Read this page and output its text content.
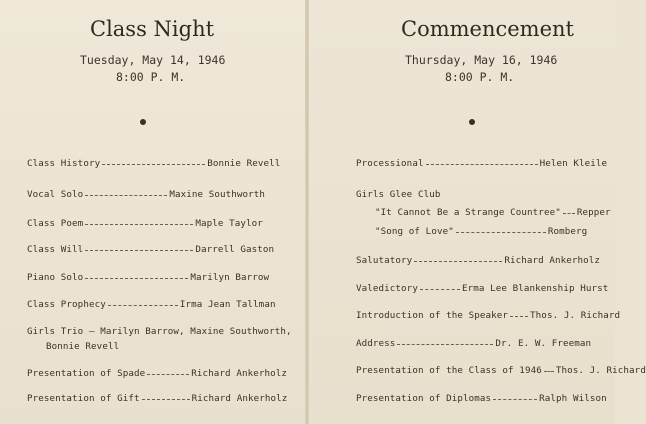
Class Night
Tuesday, May 14, 1946
8:00 P. M.
Class History	Bonnie Revell
Vocal Solo	Maxine Southworth
Class Poem	Maple Taylor
Class Will	Darrell Gaston
Piano Solo	Marilyn Barrow
Class Prophecy	Irma Jean Tallman
Girls Trio — Marilyn Barrow, Maxine Southworth,
Bonnie Revell
Presentation of Spade	Richard Ankerholz
Presentation of Gift	Richard Ankerholz
Commencement
Thursday, May 16, 1946
8:00 P. M.
Processional	Helen Kleile
Girls Glee Club
"It Cannot Be a Strange Countree" Repper
"Song of Love"	Romberg
Salutatory	Richard Ankerholz
Valedictory	Erma Lee Blankenship Hurst
Introduction of the Speaker Thos. J. Richard
Address	Dr. E. W. Freeman
Presentation of the Class of 1946 Thos. J. Richard
Presentation of Diplomas	Ralph Wilson
